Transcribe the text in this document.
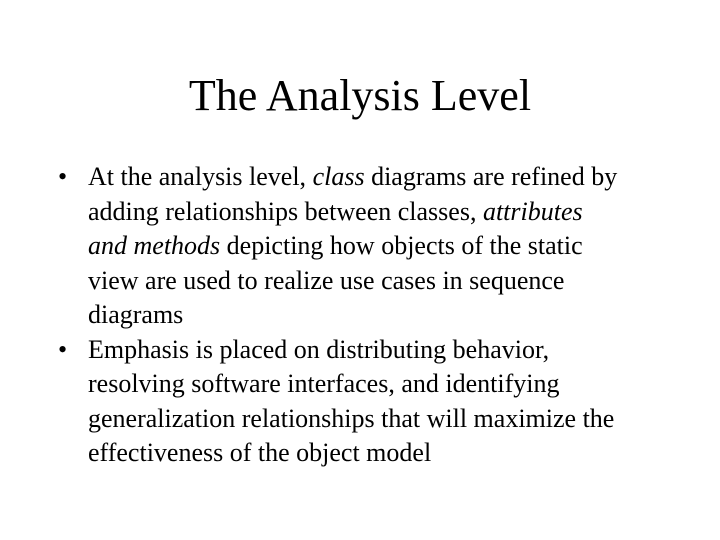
The Analysis Level
• At the analysis level, class diagrams are refined by
adding relationships between classes, attributes
and methods depicting how objects of the static
view are used to realize use cases in sequence
diagrams
• Emphasis is placed on distributing behavior,
resolving software interfaces, and identifying
generalization relationships that will maximize the
effectiveness of the object model
